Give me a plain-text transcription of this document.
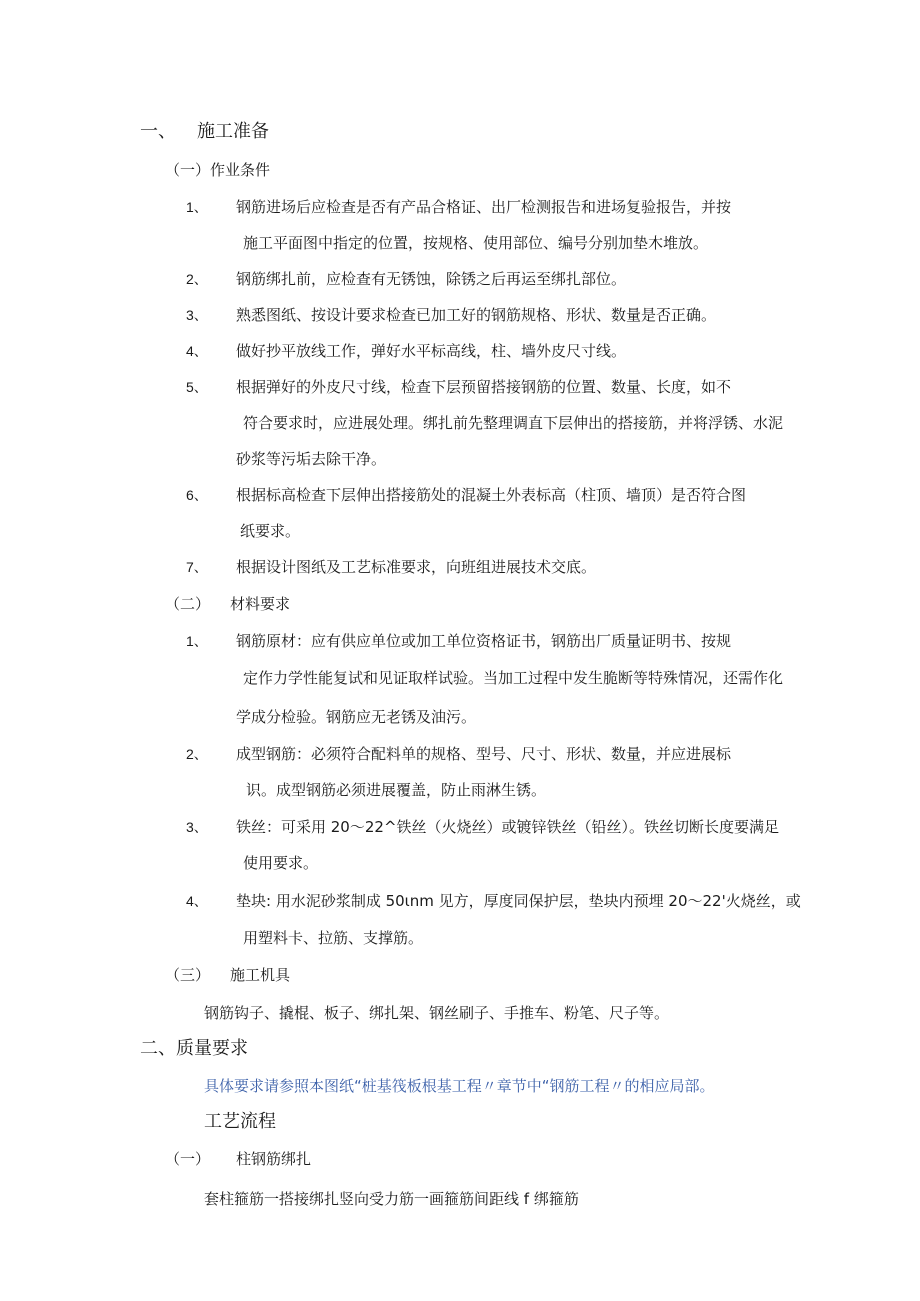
一、 施工准备
（一）作业条件
1、 钢筋进场后应检查是否有产品合格证、出厂检测报告和进场复验报告，并按
施工平面图中指定的位置，按规格、使用部位、编号分别加垫木堆放。
2、 钢筋绑扎前，应检查有无锈蚀，除锈之后再运至绑扎部位。
3、 熟悉图纸、按设计要求检查已加工好的钢筋规格、形状、数量是否正确。
4、 做好抄平放线工作，弹好水平标高线，柱、墙外皮尺寸线。
5、 根据弹好的外皮尺寸线，检查下层预留搭接钢筋的位置、数量、长度，如不
符合要求时，应进展处理。绑扎前先整理调直下层伸出的搭接筋，并将浮锈、水泥
砂浆等污垢去除干净。
6、 根据标高检查下层伸出搭接筋处的混凝土外表标高（柱顶、墙顶）是否符合图
纸要求。
7、 根据设计图纸及工艺标准要求，向班组进展技术交底。
（二） 材料要求
1、 钢筋原材：应有供应单位或加工单位资格证书，钢筋出厂质量证明书、按规
定作力学性能复试和见证取样试验。当加工过程中发生脆断等特殊情况，还需作化
学成分检验。钢筋应无老锈及油污。
2、 成型钢筋：必须符合配料单的规格、型号、尺寸、形状、数量，并应进展标
识。成型钢筋必须进展覆盖，防止雨淋生锈。
3、 铁丝：可采用 20～22^铁丝（火烧丝）或镀锌铁丝（铅丝）。铁丝切断长度要满足
使用要求。
4、 垫块: 用水泥砂浆制成 50ιnm 见方，厚度同保护层，垫块内预埋 20～22'火烧丝，或
用塑料卡、拉筋、支撑筋。
（三） 施工机具
钢筋钩子、撬棍、板子、绑扎架、钢丝刷子、手推车、粉笔、尺子等。
二、质量要求
具体要求请参照本图纸“桩基筏板根基工程〃章节中“钢筋工程〃的相应局部。
工艺流程
（一） 柱钢筋绑扎
套柱箍筋一搭接绑扎竖向受力筋一画箍筋间距线 f 绑箍筋
